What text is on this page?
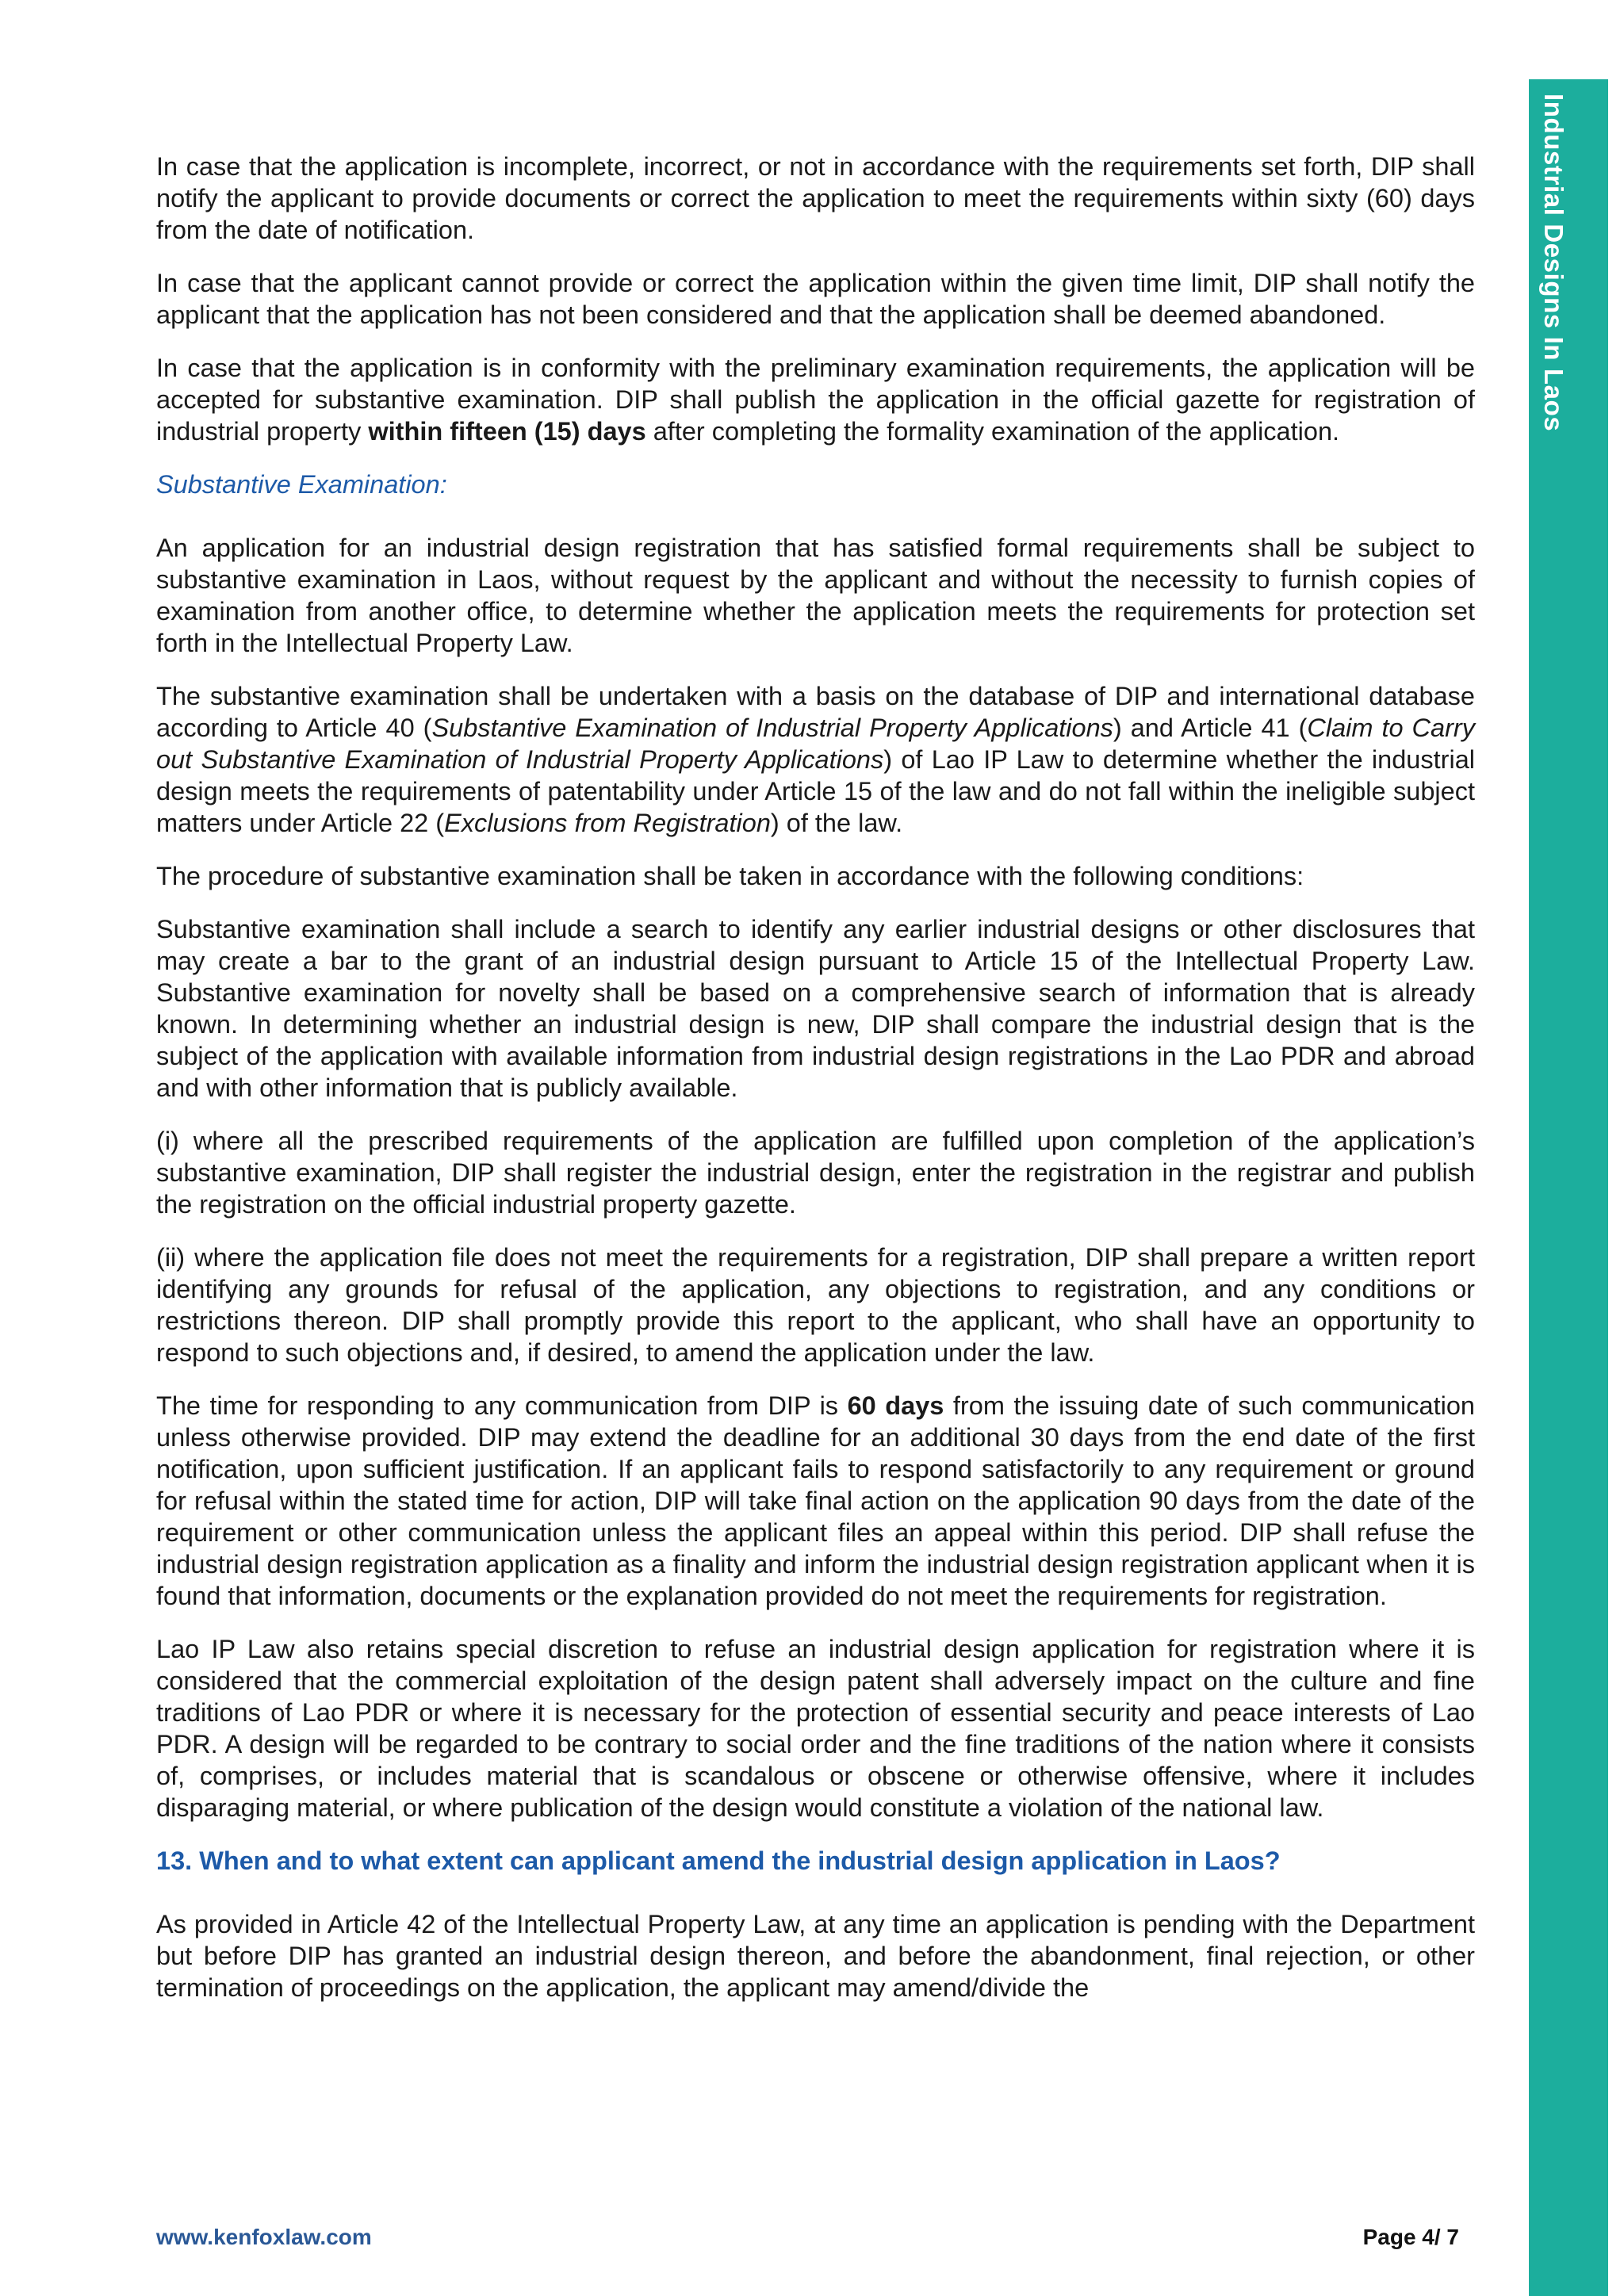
Industrial Designs In Laos

In case that the application is incomplete, incorrect, or not in accordance with the requirements set forth, DIP shall notify the applicant to provide documents or correct the application to meet the requirements within sixty (60) days from the date of notification.

In case that the applicant cannot provide or correct the application within the given time limit, DIP shall notify the applicant that the application has not been considered and that the application shall be deemed abandoned.

In case that the application is in conformity with the preliminary examination requirements, the application will be accepted for substantive examination. DIP shall publish the application in the official gazette for registration of industrial property within fifteen (15) days after completing the formality examination of the application.

Substantive Examination:

An application for an industrial design registration that has satisfied formal requirements shall be subject to substantive examination in Laos, without request by the applicant and without the necessity to furnish copies of examination from another office, to determine whether the application meets the requirements for protection set forth in the Intellectual Property Law.

The substantive examination shall be undertaken with a basis on the database of DIP and international database according to Article 40 (Substantive Examination of Industrial Property Applications) and Article 41 (Claim to Carry out Substantive Examination of Industrial Property Applications) of Lao IP Law to determine whether the industrial design meets the requirements of patentability under Article 15 of the law and do not fall within the ineligible subject matters under Article 22 (Exclusions from Registration) of the law.

The procedure of substantive examination shall be taken in accordance with the following conditions:

Substantive examination shall include a search to identify any earlier industrial designs or other disclosures that may create a bar to the grant of an industrial design pursuant to Article 15 of the Intellectual Property Law. Substantive examination for novelty shall be based on a comprehensive search of information that is already known. In determining whether an industrial design is new, DIP shall compare the industrial design that is the subject of the application with available information from industrial design registrations in the Lao PDR and abroad and with other information that is publicly available.

(i) where all the prescribed requirements of the application are fulfilled upon completion of the application’s substantive examination, DIP shall register the industrial design, enter the registration in the registrar and publish the registration on the official industrial property gazette.

(ii) where the application file does not meet the requirements for a registration, DIP shall prepare a written report identifying any grounds for refusal of the application, any objections to registration, and any conditions or restrictions thereon. DIP shall promptly provide this report to the applicant, who shall have an opportunity to respond to such objections and, if desired, to amend the application under the law.

The time for responding to any communication from DIP is 60 days from the issuing date of such communication unless otherwise provided. DIP may extend the deadline for an additional 30 days from the end date of the first notification, upon sufficient justification. If an applicant fails to respond satisfactorily to any requirement or ground for refusal within the stated time for action, DIP will take final action on the application 90 days from the date of the requirement or other communication unless the applicant files an appeal within this period. DIP shall refuse the industrial design registration application as a finality and inform the industrial design registration applicant when it is found that information, documents or the explanation provided do not meet the requirements for registration.

Lao IP Law also retains special discretion to refuse an industrial design application for registration where it is considered that the commercial exploitation of the design patent shall adversely impact on the culture and fine traditions of Lao PDR or where it is necessary for the protection of essential security and peace interests of Lao PDR. A design will be regarded to be contrary to social order and the fine traditions of the nation where it consists of, comprises, or includes material that is scandalous or obscene or otherwise offensive, where it includes disparaging material, or where publication of the design would constitute a violation of the national law.

13. When and to what extent can applicant amend the industrial design application in Laos?

As provided in Article 42 of the Intellectual Property Law, at any time an application is pending with the Department but before DIP has granted an industrial design thereon, and before the abandonment, final rejection, or other termination of proceedings on the application, the applicant may amend/divide the

www.kenfoxlaw.com	Page 4/ 7
